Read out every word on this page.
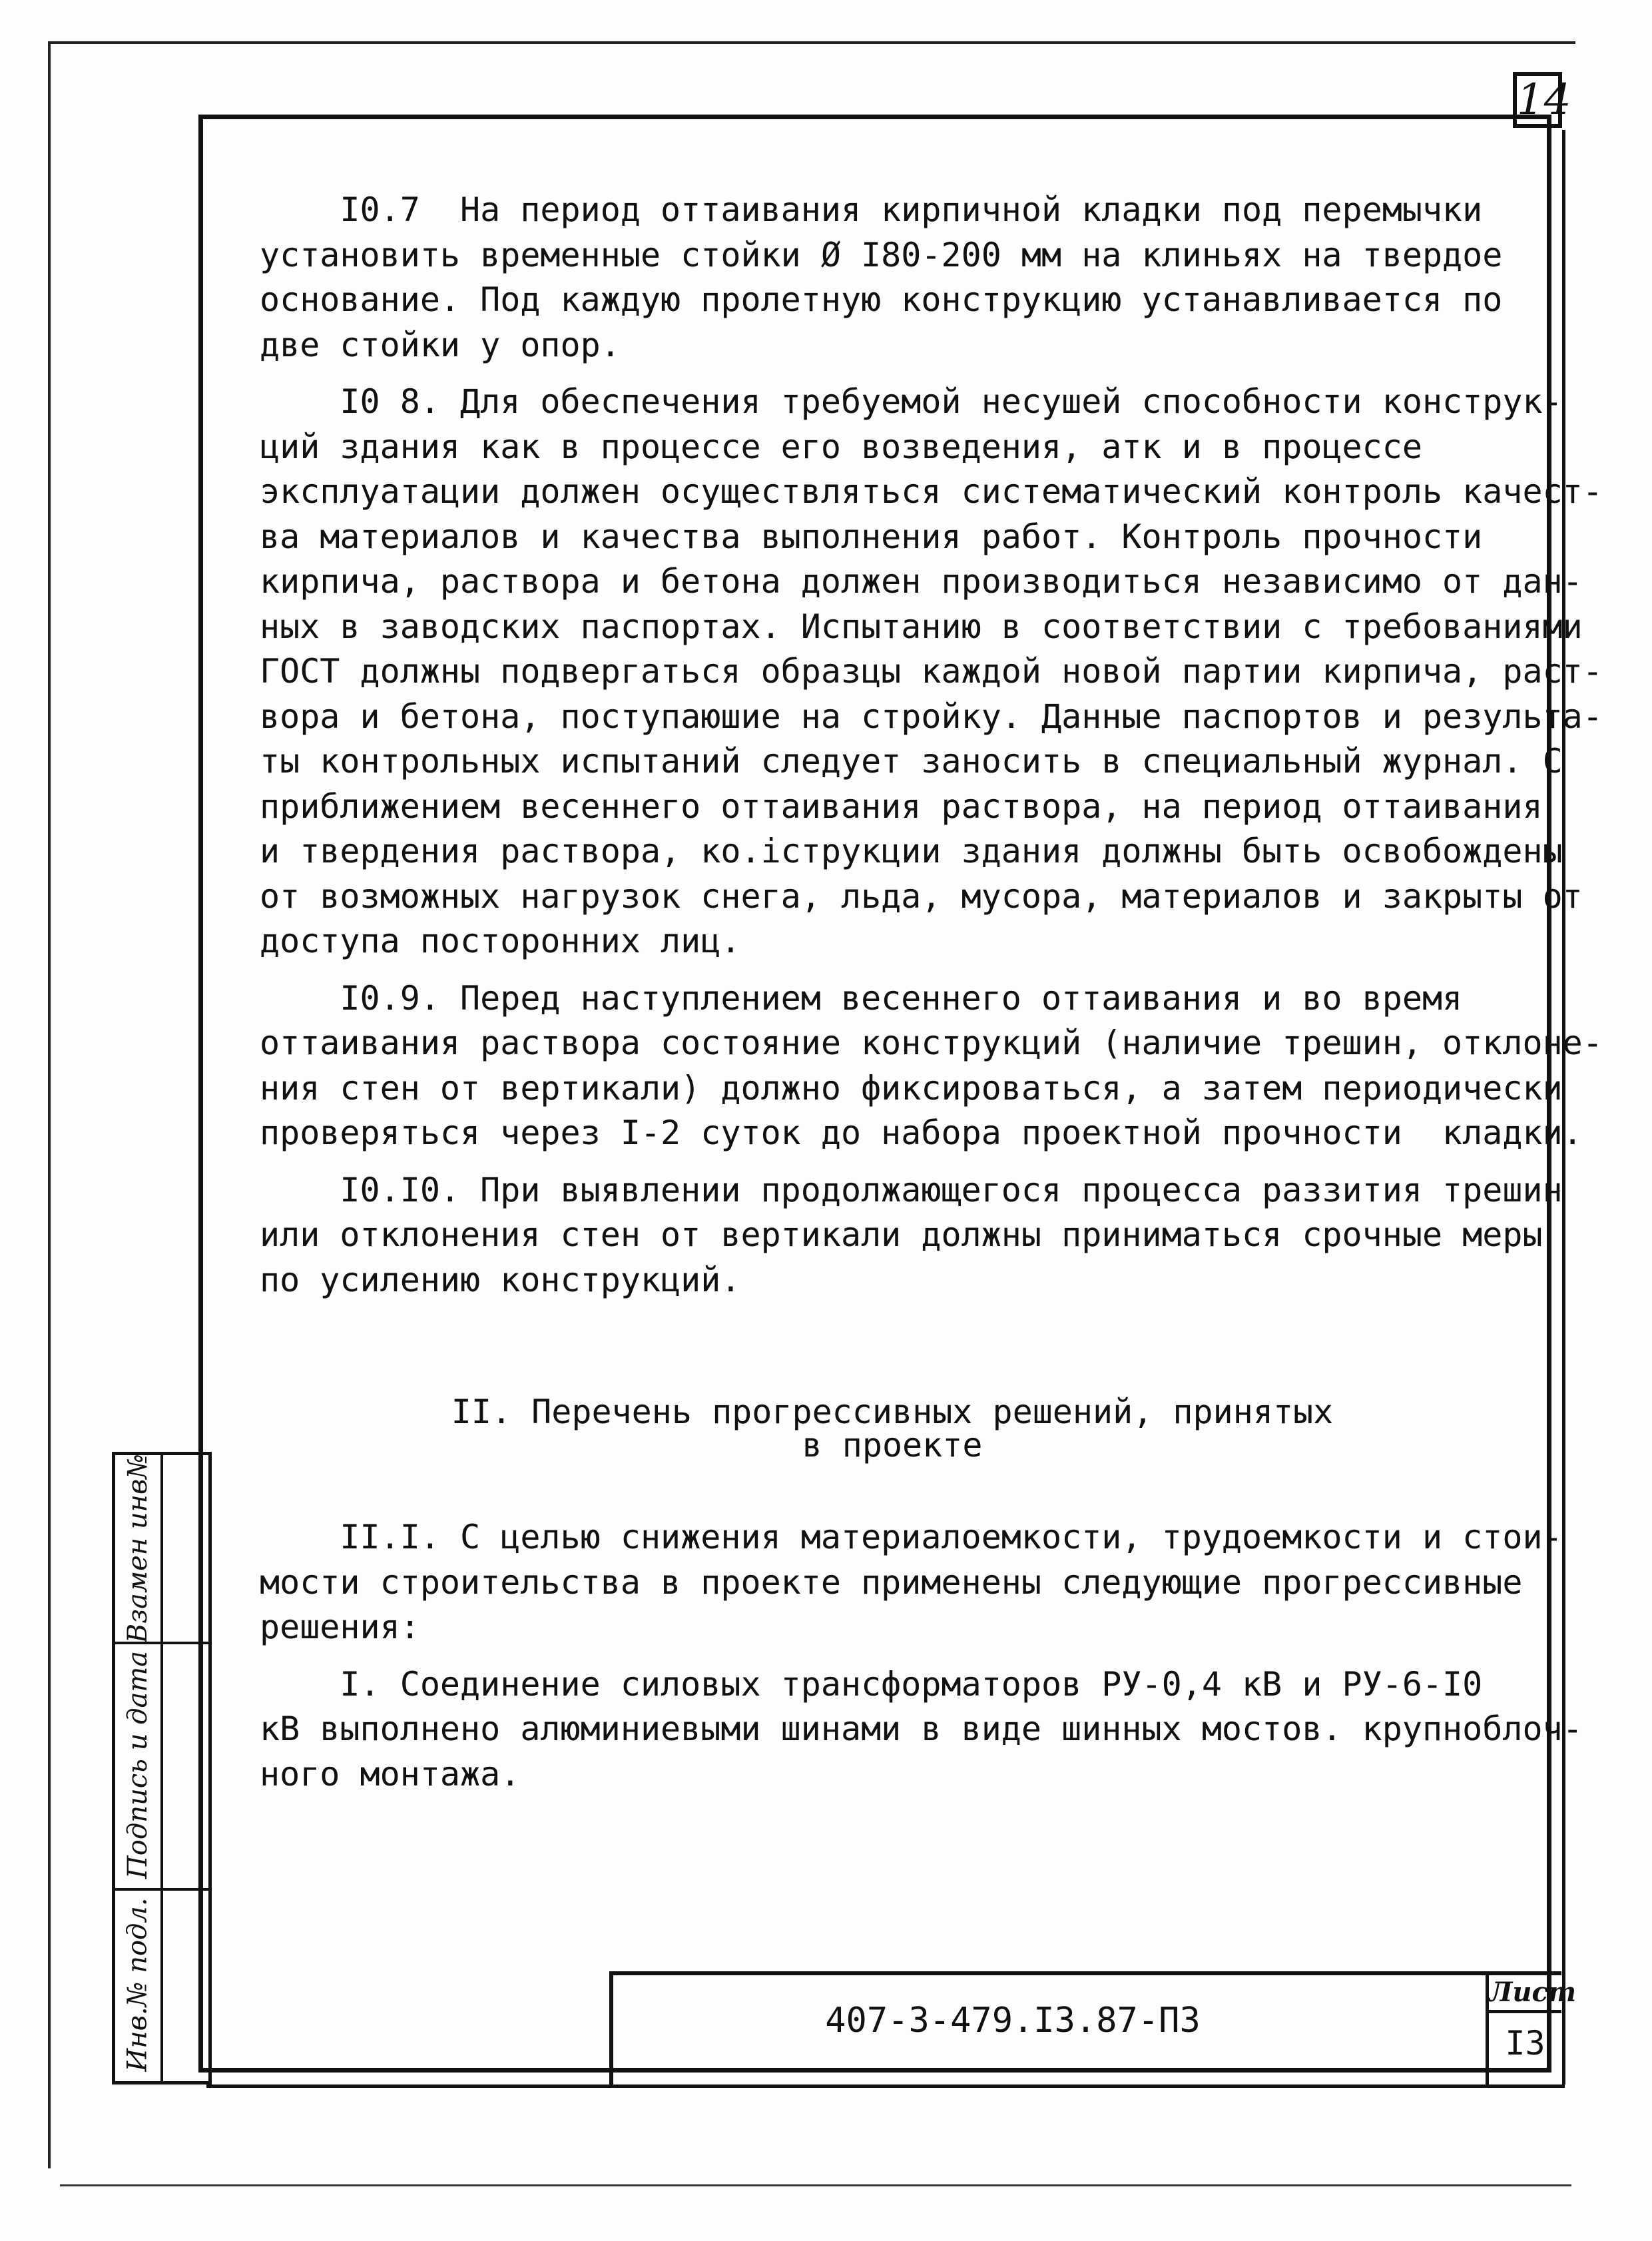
14
I0.7  На период оттаивания кирпичной кладки под перемычки
установить временные стойки Ø I80-200 мм на клиньях на твердое
основание. Под каждую пролетную конструкцию устанавливается по
две стойки у опор.
I0 8. Для обеспечения требуемой несушей способности конструк-
ций здания как в процессе его возведения, атк и в процессе
эксплуатации должен осуществляться систематический контроль качест-
ва материалов и качества выполнения работ. Контроль прочности
кирпича, раствора и бетона должен производиться независимо от дан-
ных в заводских паспортах. Испытанию в соответствии с требованиями
ГОСТ должны подвергаться образцы каждой новой партии кирпича, раст-
вора и бетона, поступаюшие на стройку. Данные паспортов и результа-
ты контрольных испытаний следует заносить в специальный журнал. С
приближением весеннего оттаивания раствора, на период оттаивания
и твердения раствора, ко.іструкции здания должны быть освобождены
от возможных нагрузок снега, льда, мусора, материалов и закрыты от
доступа посторонних лиц.
I0.9. Перед наступлением весеннего оттаивания и во время
оттаивания раствора состояние конструкций (наличие трешин, отклоне-
ния стен от вертикали) должно фиксироваться, а затем периодически
проверяться через I-2 суток до набора проектной прочности  кладки.
I0.I0. При выявлении продолжающегося процесса раззития трешин
или отклонения стен от вертикали должны приниматься срочные меры
по усилению конструкций.
II. Перечень прогрессивных решений, принятых
в проекте
II.I. С целью снижения материалоемкости, трудоемкости и стои-
мости строительства в проекте применены следующие прогрессивные
решения:
I. Соединение силовых трансформаторов РУ-0,4 кВ и РУ-6-I0
кВ выполнено алюминиевыми шинами в виде шинных мостов. крупноблоч-
ного монтажа.
Взамен инв№
Подпись и дата
Инв.№ подл.	407-3-479.I3.87-ПЗ
Лист
I3
